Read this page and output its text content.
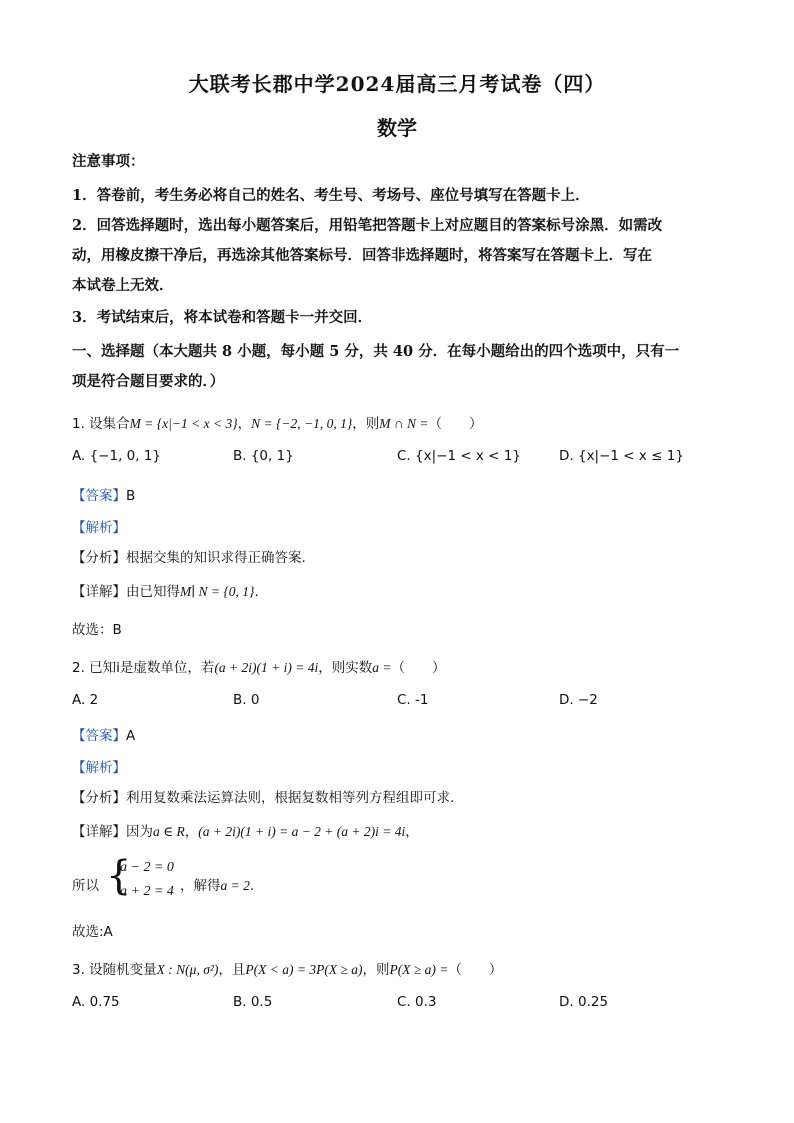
大联考长郡中学2024届高三月考试卷（四）
数学
注意事项：
1．答卷前，考生务必将自己的姓名、考生号、考场号、座位号填写在答题卡上．
2．回答选择题时，选出每小题答案后，用铅笔把答题卡上对应题目的答案标号涂黑．如需改
动，用橡皮擦干净后，再选涂其他答案标号．回答非选择题时，将答案写在答题卡上．写在
本试卷上无效．
3．考试结束后，将本试卷和答题卡一并交回．
一、选择题（本大题共 8 小题，每小题 5 分，共 40 分．在每小题给出的四个选项中，只有一
项是符合题目要求的．）
1. 设集合M = {x|−1 < x < 3}，N = {−2, −1, 0, 1}，则M ∩ N =（　　）
A. {−1, 0, 1}	B. {0, 1}	C. {x|−1 < x < 1}	D. {x|−1 < x ≤ 1}
【答案】B
【解析】
【分析】根据交集的知识求得正确答案.
【详解】由已知得M∣ N = {0, 1}.
故选：B
2. 已知i是虚数单位，若(a + 2i)(1 + i) = 4i，则实数a =（　　）
A. 2	B. 0	C. -1	D. −2
【答案】A
【解析】
【分析】利用复数乘法运算法则，根据复数相等列方程组即可求.
【详解】因为a ∈ R，(a + 2i)(1 + i) = a − 2 + (a + 2)i = 4i，
所以 {
a − 2 = 0
a + 2 = 4 ，解得a = 2.
故选:A
3. 设随机变量X : N(μ, σ²)，且P(X < a) = 3P(X ≥ a)，则P(X ≥ a) =（　　）
A. 0.75	B. 0.5	C. 0.3	D. 0.25
